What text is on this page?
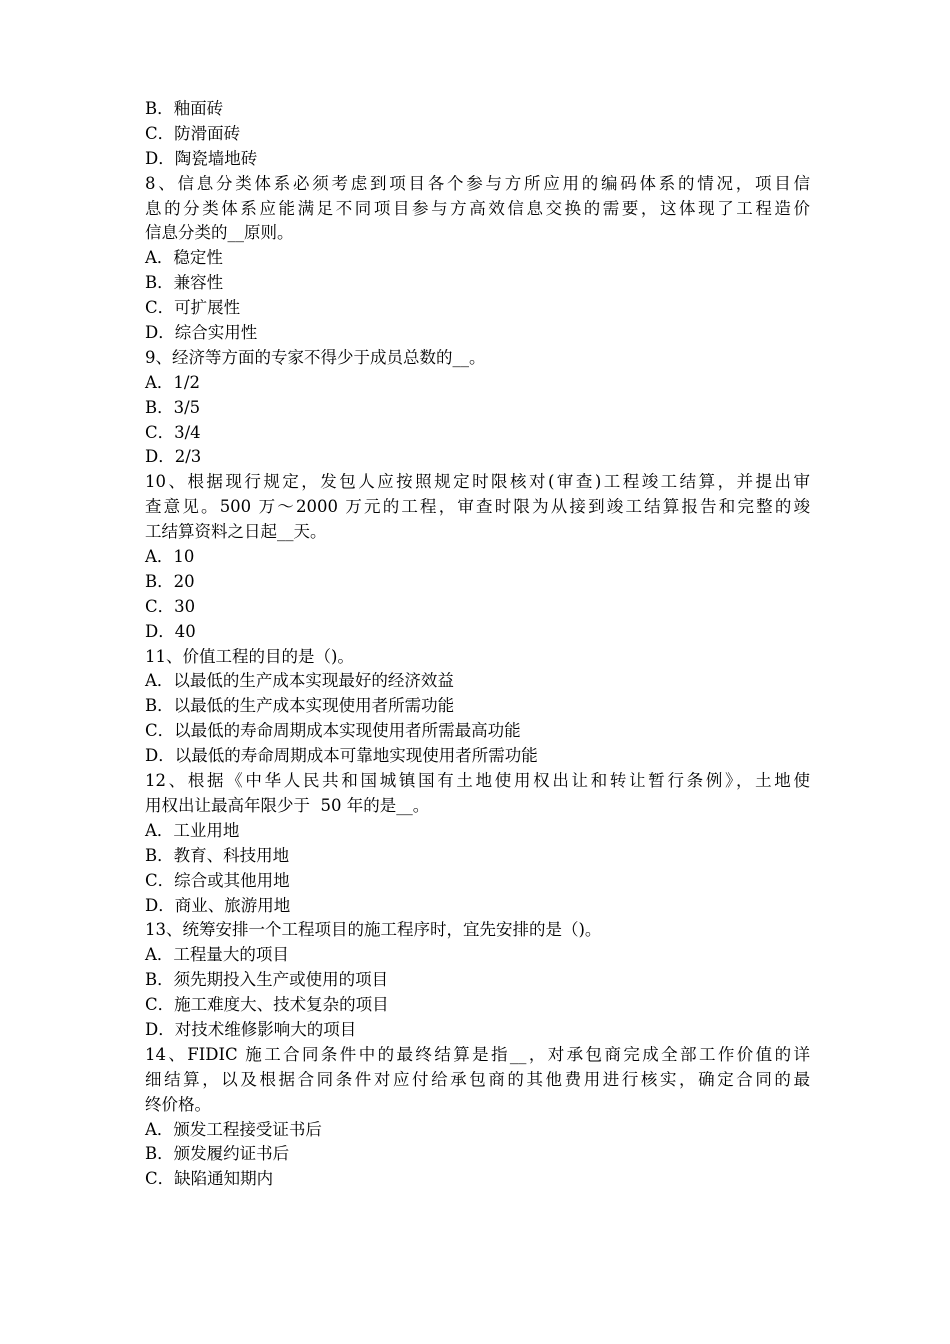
B．釉面砖
C．防滑面砖
D．陶瓷墙地砖
8、信息分类体系必须考虑到项目各个参与方所应用的编码体系的情况，项目信
息的分类体系应能满足不同项目参与方高效信息交换的需要，这体现了工程造价
信息分类的__原则。
A．稳定性
B．兼容性
C．可扩展性
D．综合实用性
9、经济等方面的专家不得少于成员总数的__。
A．1/2
B．3/5
C．3/4
D．2/3
10、根据现行规定，发包人应按照规定时限核对(审查)工程竣工结算，并提出审
查意见。500 万～2000 万元的工程，审查时限为从接到竣工结算报告和完整的竣
工结算资料之日起__天。
A．10
B．20
C．30
D．40
11、价值工程的目的是（)。
A．以最低的生产成本实现最好的经济效益
B．以最低的生产成本实现使用者所需功能
C．以最低的寿命周期成本实现使用者所需最高功能
D．以最低的寿命周期成本可靠地实现使用者所需功能
12、根据《中华人民共和国城镇国有土地使用权出让和转让暂行条例》，土地使
用权出让最高年限少于  50 年的是__。
A．工业用地
B．教育、科技用地
C．综合或其他用地
D．商业、旅游用地
13、统筹安排一个工程项目的施工程序时，宜先安排的是（)。
A．工程量大的项目
B．须先期投入生产或使用的项目
C．施工难度大、技术复杂的项目
D．对技术维修影响大的项目
14、FIDIC 施工合同条件中的最终结算是指__，对承包商完成全部工作价值的详
细结算，以及根据合同条件对应付给承包商的其他费用进行核实，确定合同的最
终价格。
A．颁发工程接受证书后
B．颁发履约证书后
C．缺陷通知期内
